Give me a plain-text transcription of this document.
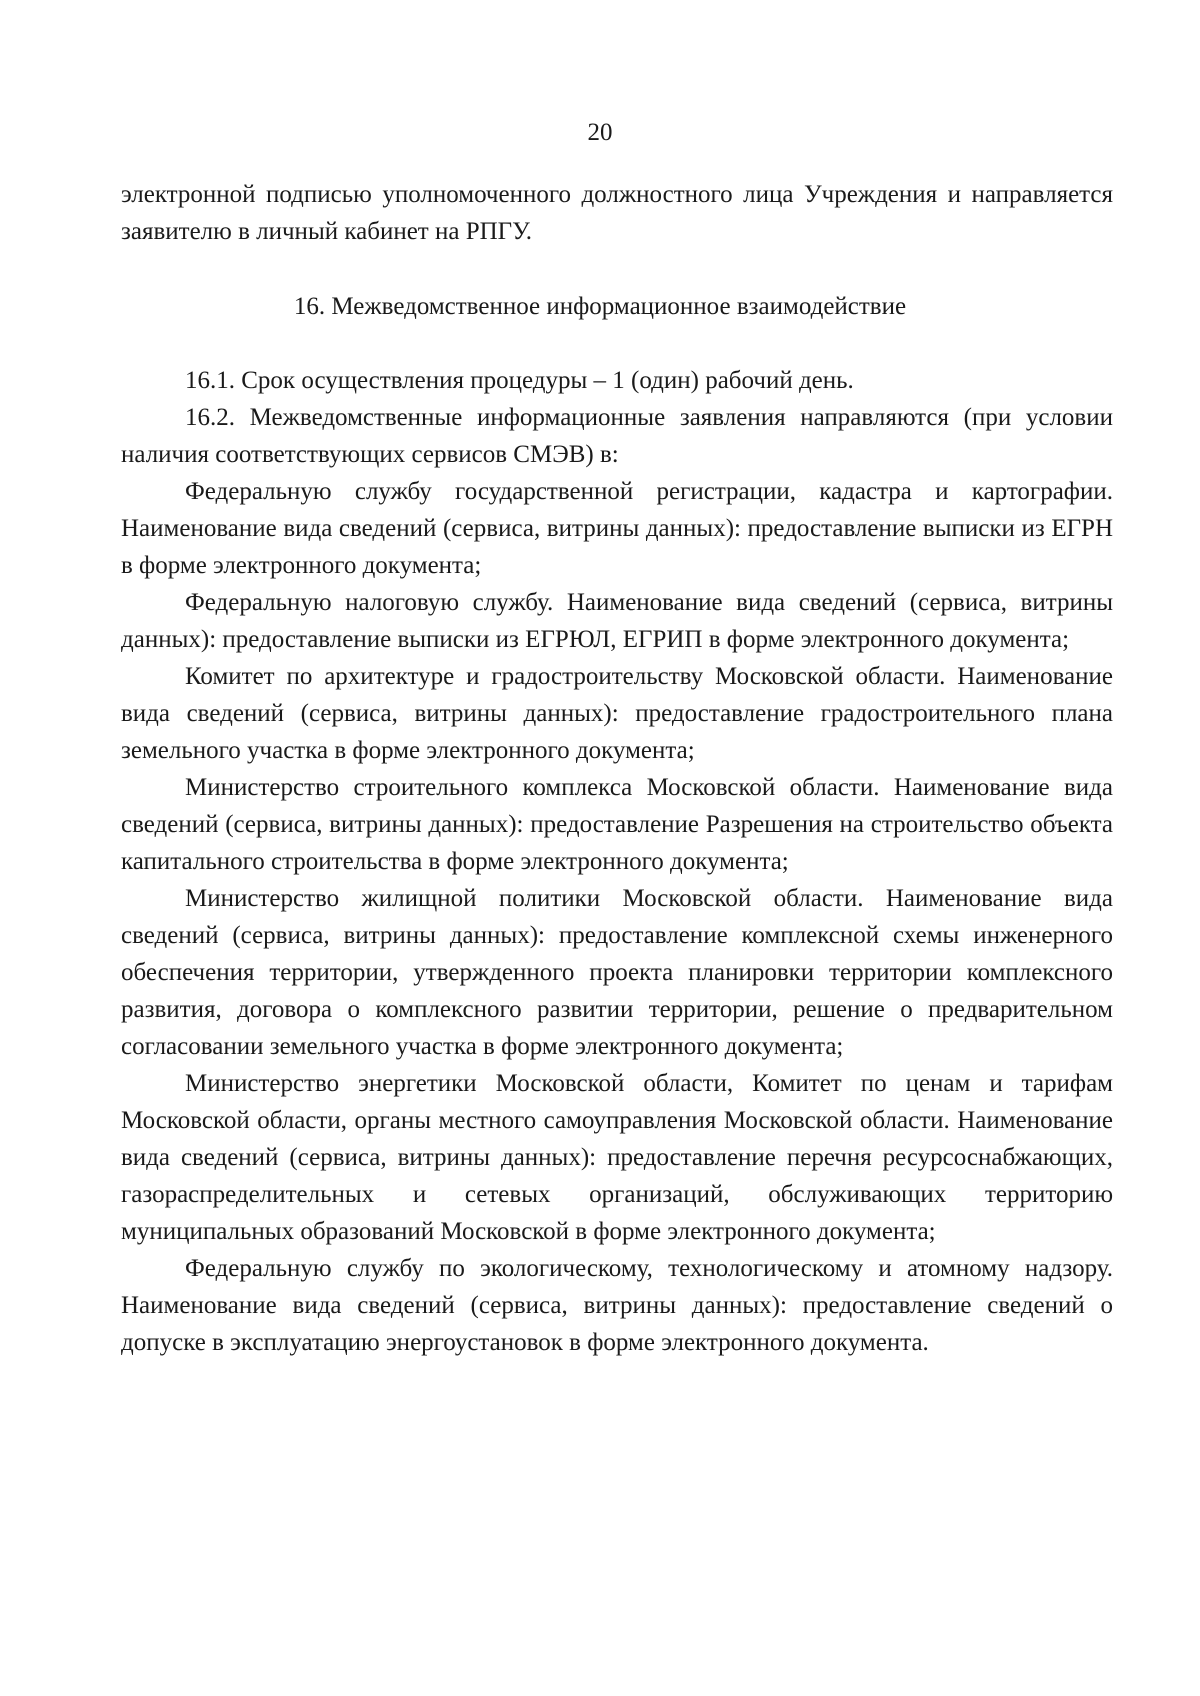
20

электронной подписью уполномоченного должностного лица Учреждения и направляется заявителю в личный кабинет на РПГУ.

16. Межведомственное информационное взаимодействие

16.1. Срок осуществления процедуры – 1 (один) рабочий день.

16.2. Межведомственные информационные заявления направляются (при условии наличия соответствующих сервисов СМЭВ) в:

Федеральную службу государственной регистрации, кадастра и картографии. Наименование вида сведений (сервиса, витрины данных): предоставление выписки из ЕГРН в форме электронного документа;

Федеральную налоговую службу. Наименование вида сведений (сервиса, витрины данных): предоставление выписки из ЕГРЮЛ, ЕГРИП в форме электронного документа;

Комитет по архитектуре и градостроительству Московской области. Наименование вида сведений (сервиса, витрины данных): предоставление градостроительного плана земельного участка в форме электронного документа;

Министерство строительного комплекса Московской области. Наименование вида сведений (сервиса, витрины данных): предоставление Разрешения на строительство объекта капитального строительства в форме электронного документа;

Министерство жилищной политики Московской области. Наименование вида сведений (сервиса, витрины данных): предоставление комплексной схемы инженерного обеспечения территории, утвержденного проекта планировки территории комплексного развития, договора о комплексного развитии территории, решение о предварительном согласовании земельного участка в форме электронного документа;

Министерство энергетики Московской области, Комитет по ценам и тарифам Московской области, органы местного самоуправления Московской области. Наименование вида сведений (сервиса, витрины данных): предоставление перечня ресурсоснабжающих, газораспределительных и сетевых организаций, обслуживающих территорию муниципальных образований Московской в форме электронного документа;

Федеральную службу по экологическому, технологическому и атомному надзору. Наименование вида сведений (сервиса, витрины данных): предоставление сведений о допуске в эксплуатацию энергоустановок в форме электронного документа.
